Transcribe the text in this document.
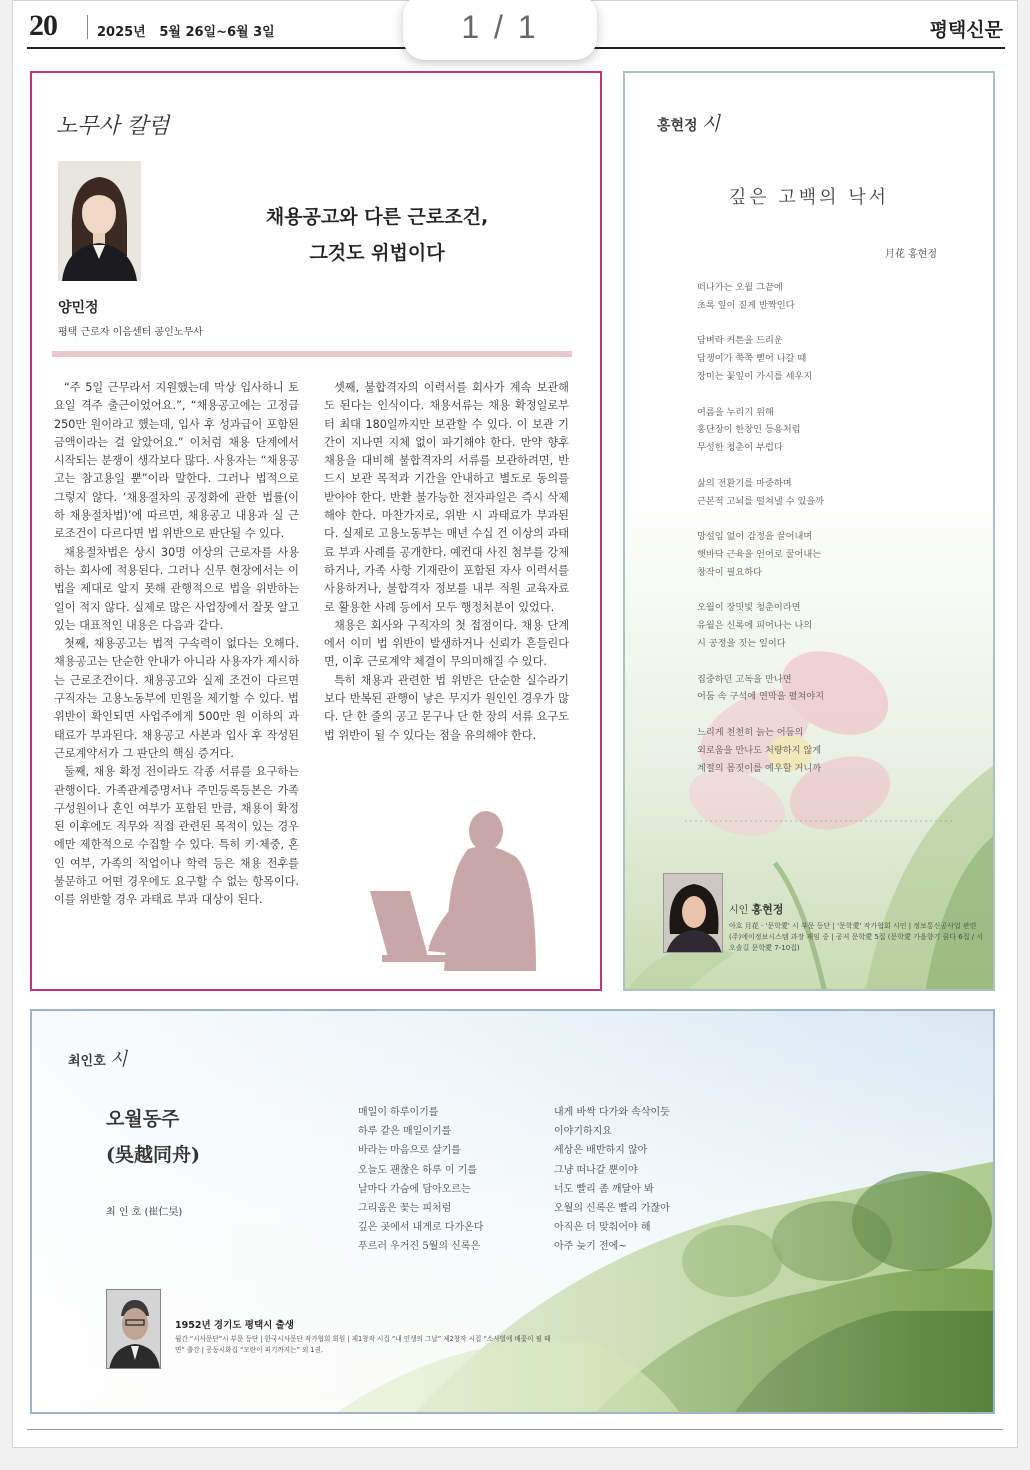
20	2025년   5월 26일~6월 3일	평택신문
노무사 칼럼
채용공고와 다른 근로조건,
그것도 위법이다
양민정
평택 근로자 이음센터 공인노무사

“주 5일 근무라서 지원했는데 막상 입사하니 토요일 격주 출근이었어요.”, “채용공고에는 고정급 250만 원이라고 했는데, 입사 후 성과급이 포함된 금액이라는 걸 알았어요.” 이처럼 채용 단계에서 시작되는 분쟁이 생각보다 많다. 사용자는 “채용공고는 참고용일 뿐”이라 말한다. 그러나 법적으로 그렇지 않다. ‘채용절차의 공정화에 관한 법률(이하 채용절차법)’에 따르면, 채용공고 내용과 실 근로조건이 다르다면 법 위반으로 판단될 수 있다.

채용절차법은 상시 30명 이상의 근로자를 사용하는 회사에 적용된다. 그러나 신무 현장에서는 이 법을 제대로 알지 못해 관행적으로 법을 위반하는 일이 적지 않다. 실제로 많은 사업장에서 잘못 알고 있는 대표적인 내용은 다음과 같다.

첫째, 채용공고는 법적 구속력이 없다는 오해다. 채용공고는 단순한 안내가 아니라 사용자가 제시하는 근로조건이다. 채용공고와 실제 조건이 다르면 구직자는 고용노동부에 민원을 제기할 수 있다. 법 위반이 확인되면 사업주에게 500만 원 이하의 과태료가 부과된다. 채용공고 사본과 입사 후 작성된 근로계약서가 그 판단의 핵심 증거다.

둘째, 채용 확정 전이라도 각종 서류를 요구하는 관행이다. 가족관계증명서나 주민등록등본은 가족 구성원이나 혼인 여부가 포함된 만큼, 채용이 확정된 이후에도 직무와 직접 관련된 목적이 있는 경우에만 제한적으로 수집할 수 있다. 특히 키·체중, 혼인 여부, 가족의 직업이나 학력 등은 채용 전후를 불문하고 어떤 경우에도 요구할 수 없는 항목이다. 이를 위반할 경우 과태료 부과 대상이 된다.

셋째, 불합격자의 이력서를 회사가 계속 보관해도 된다는 인식이다. 채용서류는 채용 확정일로부터 최대 180일까지만 보관할 수 있다. 이 보관 기간이 지나면 지체 없이 파기해야 한다. 만약 향후 채용을 대비해 불합격자의 서류를 보관하려면, 반드시 보관 목적과 기간을 안내하고 별도로 동의를 받아야 한다. 반환 불가능한 전자파일은 즉시 삭제해야 한다. 마찬가지로, 위반 시 과태료가 부과된다. 실제로 고용노동부는 매년 수십 건 이상의 과태료 부과 사례를 공개한다. 예컨대 사진 첨부를 강제하거나, 가족 사항 기재란이 포함된 자사 이력서를 사용하거나, 불합격자 정보를 내부 직원 교육자료로 활용한 사례 등에서 모두 행정처분이 있었다.

채용은 회사와 구직자의 첫 접점이다. 채용 단계에서 이미 법 위반이 발생하거나 신뢰가 흔들린다면, 이후 근로계약 체결이 무의미해질 수 있다.

특히 채용과 관련한 법 위반은 단순한 실수라기보다 반복된 관행이 낳은 무지가 원인인 경우가 많다. 단 한 줄의 공고 문구나 단 한 장의 서류 요구도 법 위반이 될 수 있다는 점을 유의해야 한다.

홍현정 시
깊은 고백의 낙서
月花 홍현정
떠나가는 오월 그끝에
초록 잎이 짙게 반짝인다
담벼락 커튼을 드리운
담쟁이가 쭉쭉 뻗어 나갈 때
장미는 꽃잎이 가시를 세우지
여름을 누리기 위해
홍단장이 한창인 등용처럼
무성한 청춘이 부럽다
삶의 전환기를 마중하며
근본적 고뇌를 떨쳐낼 수 있을까
망설임 없이 감정을 끌어내며
햇바닥 근육을 언어로 꿀어내는
창작이 필요하다
오월이 장밋빛 청춘이라면
유월은 신록에 피어나는 나의
시 공정을 짓는 일이다
집중하던 고독을 만나면
어둠 속 구석에 연막을 펼쳐야지
느리게 천천히 늙는 어둠의
외로움을 만나도 처량하지 않게
계절의 몸짓이를 예우할 거니까
시인 홍현정
아호 月花 · '문학愛' 시 부문 등단 | '문학愛' 작가협회 시인 | 정보통신공사업 관련 (주)에이정보시스템 과장 재임 중 | 공저 문학愛 5집 (문학愛 가을향기 꿈다 6집 / 시 오솔길 문학愛 7-10집)
최인호 시
오월동주
(吳越同舟)
최 인 호 (崔仁昊)
매일이 하루이기를
하루 같은 매일이기를
바라는 마음으로 살기를
오늘도 괜찮은 하루 이 기를
날마다 가슴에 담아오르는
그리움은 꽃는 피처럼
깊은 곳에서 내게로 다가온다
푸르러 우거진 5월의 신록은
내게 바싹 다가와 속삭이듯
이야기하지요
세상은 배반하지 않아
그냥 떠나갈 뿐이야
너도 빨리 좀 깨달아 봐
오월의 신록은 빨리 가잖아
아직은 더 맞춰어야 해
아주 늦기 전에~
1952년 경기도 평택시 출생
월간 “시사문단”시 부문 등단 | 한국시사문단 작가협회 회원 | 제1창작 시집 “내 인생의 그날” 제2창작 시집 “소사벌에 배꽃이 필 때면” 출간 | 공동시화집 “모란이 피기까지는” 외 1권.
1 / 1
